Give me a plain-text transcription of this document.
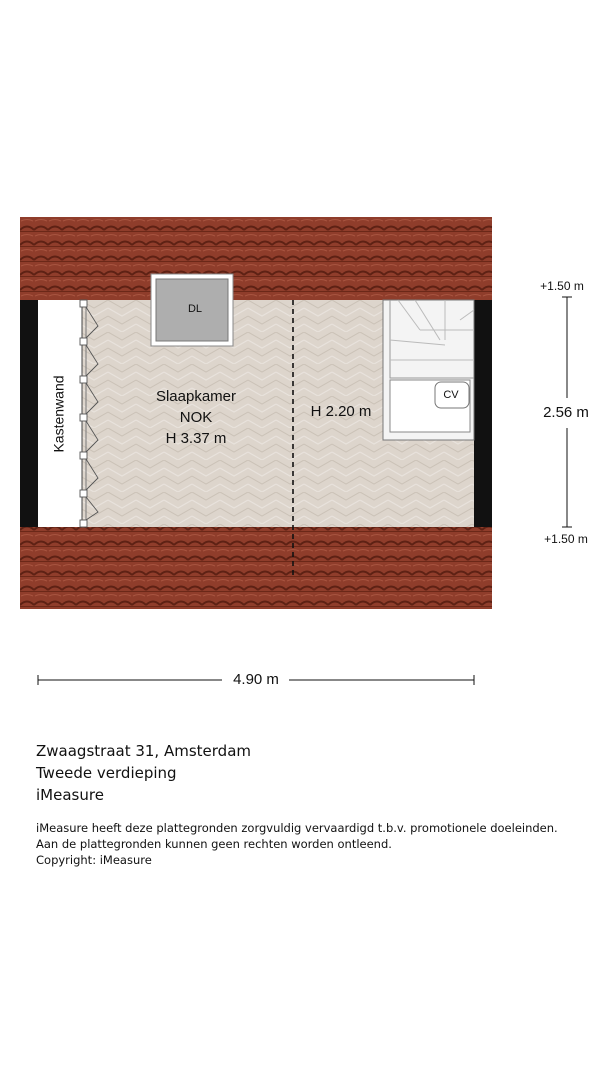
Kastenwand
DL
CV
Slaapkamer
NOK
H 3.37 m
H 2.20 m
+1.50 m
2.56 m
+1.50 m
4.90 m

Zwaagstraat 31, Amsterdam

Tweede verdieping

iMeasure

iMeasure heeft deze plattegronden zorgvuldig vervaardigd t.b.v. promotionele doeleinden.

Aan de plattegronden kunnen geen rechten worden ontleend.

Copyright: iMeasure
